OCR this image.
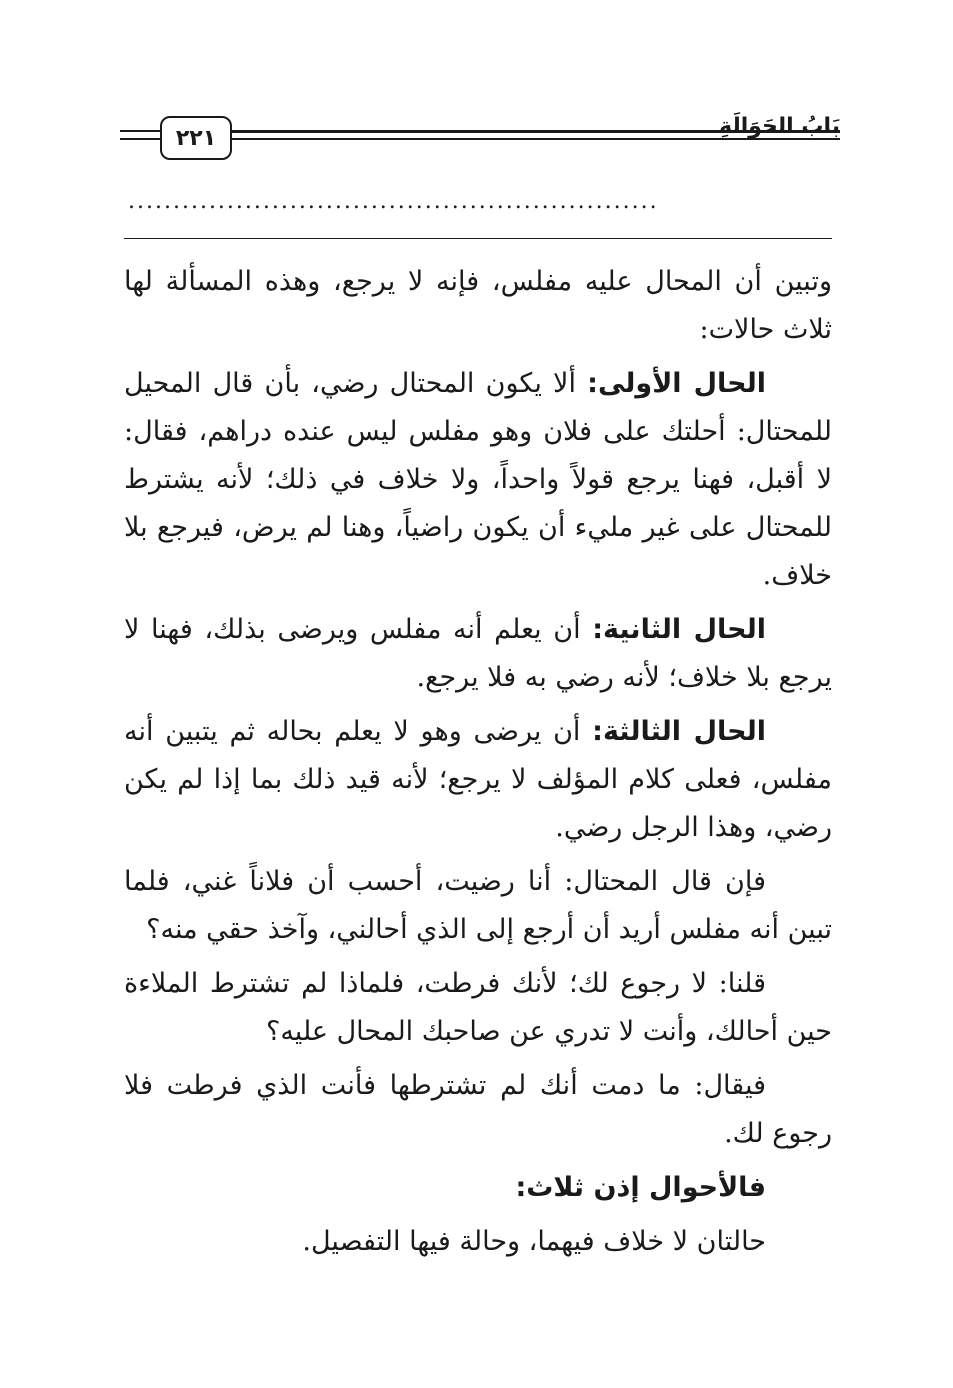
٢٢١	بَابُ الحَوَالَةِ
...........................................................

وتبين أن المحال عليه مفلس، فإنه لا يرجع، وهذه المسألة لها ثلاث حالات:

الحال الأولى: ألا يكون المحتال رضي، بأن قال المحيل للمحتال: أحلتك على فلان وهو مفلس ليس عنده دراهم، فقال: لا أقبل، فهنا يرجع قولاً واحداً، ولا خلاف في ذلك؛ لأنه يشترط للمحتال على غير مليء أن يكون راضياً، وهنا لم يرض، فيرجع بلا خلاف.

الحال الثانية: أن يعلم أنه مفلس ويرضى بذلك، فهنا لا يرجع بلا خلاف؛ لأنه رضي به فلا يرجع.

الحال الثالثة: أن يرضى وهو لا يعلم بحاله ثم يتبين أنه مفلس، فعلى كلام المؤلف لا يرجع؛ لأنه قيد ذلك بما إذا لم يكن رضي، وهذا الرجل رضي.

فإن قال المحتال: أنا رضيت، أحسب أن فلاناً غني، فلما تبين أنه مفلس أريد أن أرجع إلى الذي أحالني، وآخذ حقي منه؟

قلنا: لا رجوع لك؛ لأنك فرطت، فلماذا لم تشترط الملاءة حين أحالك، وأنت لا تدري عن صاحبك المحال عليه؟

فيقال: ما دمت أنك لم تشترطها فأنت الذي فرطت فلا رجوع لك.

فالأحوال إذن ثلاث:

حالتان لا خلاف فيهما، وحالة فيها التفصيل.
